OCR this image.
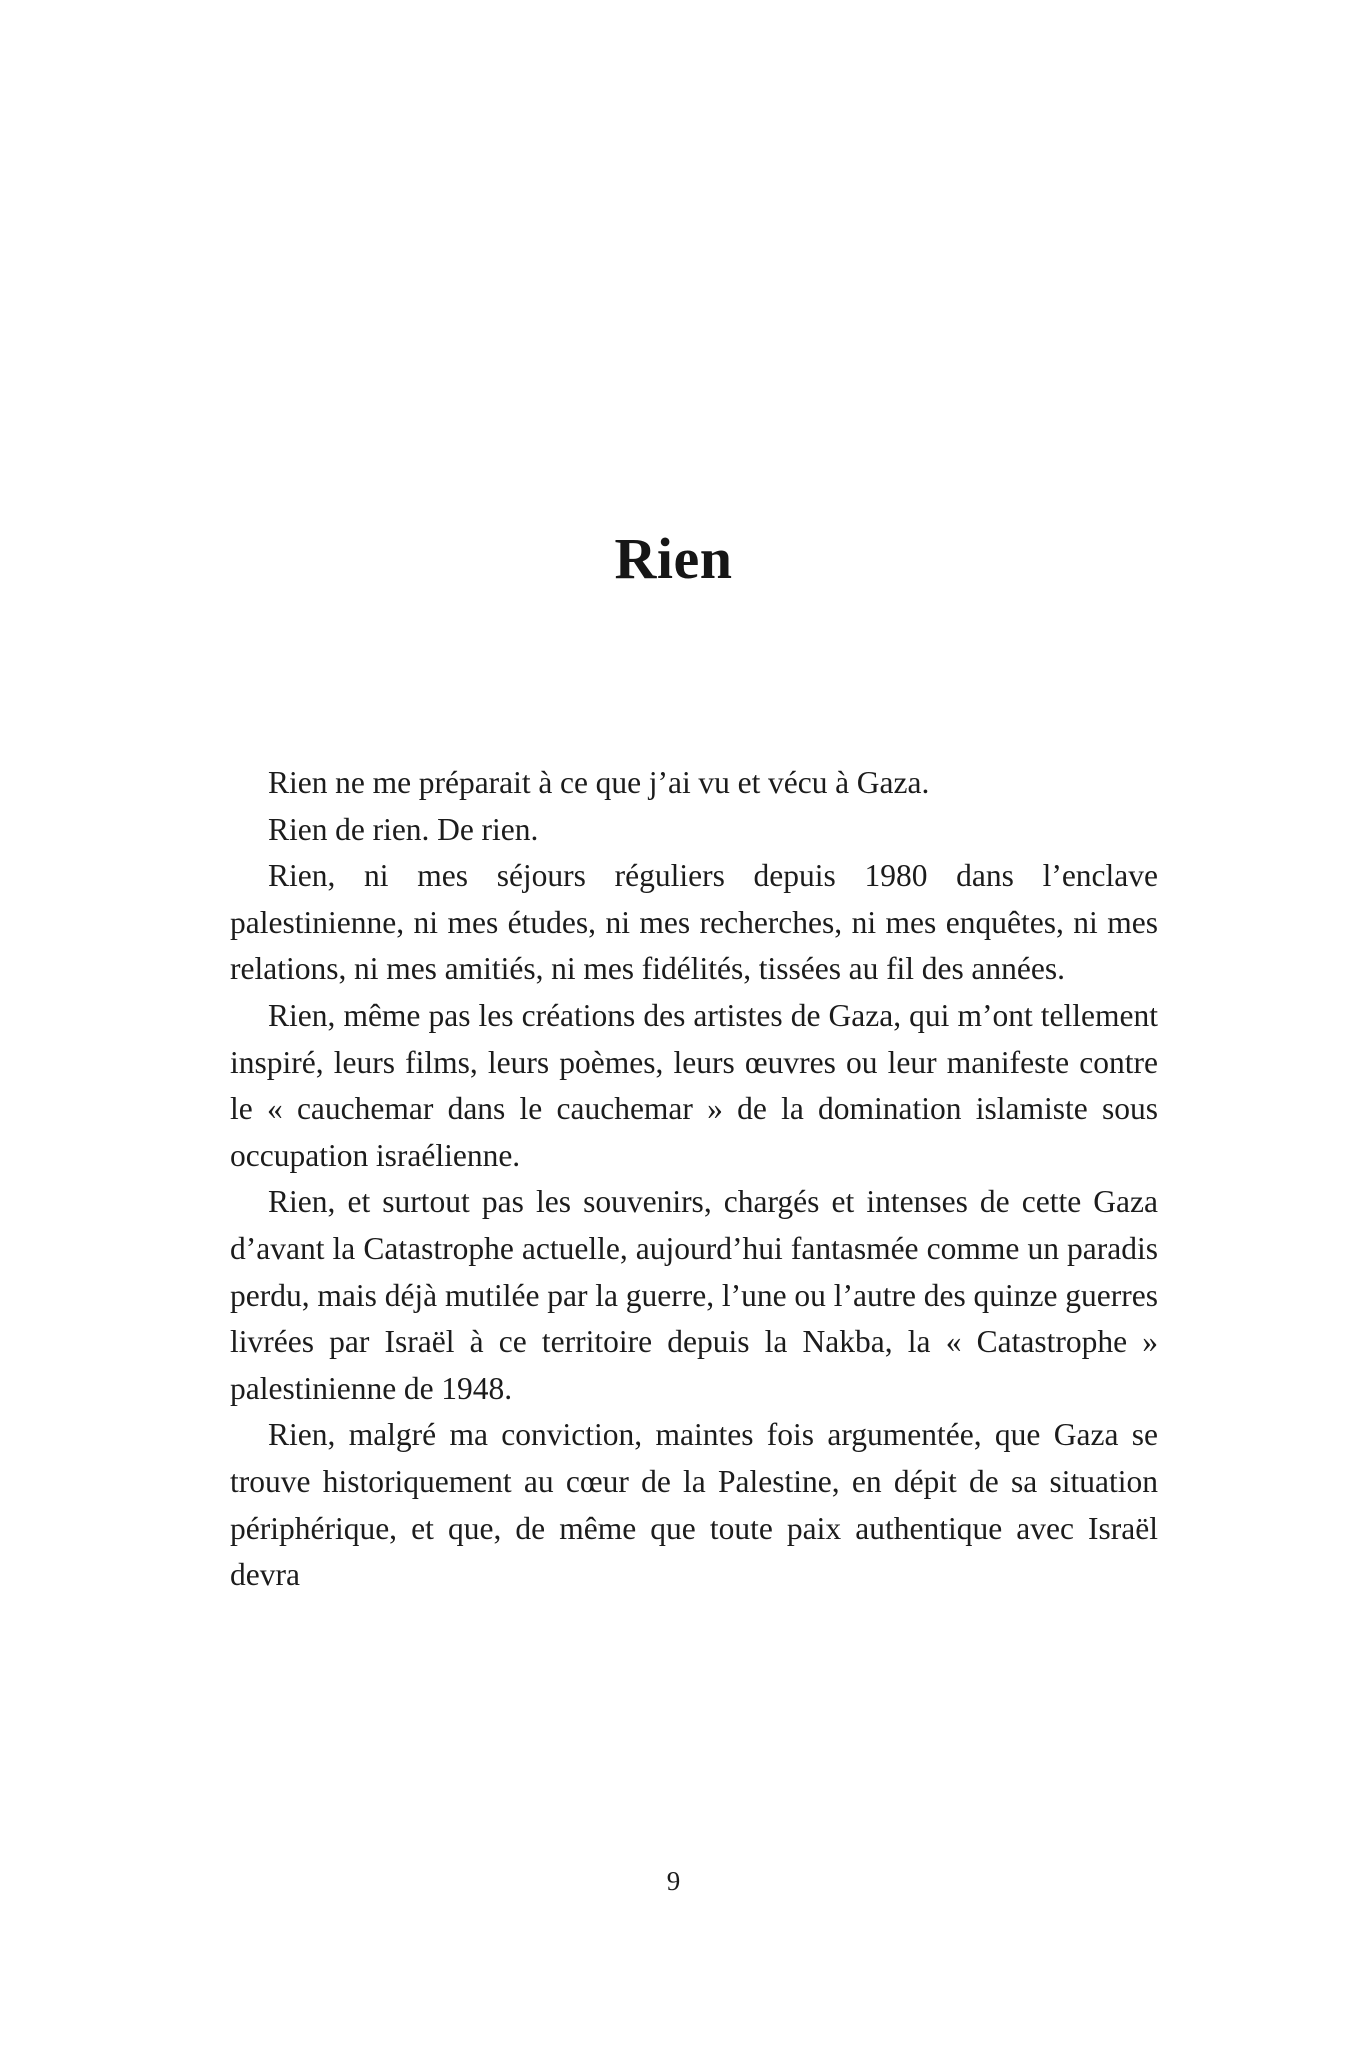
Rien

Rien ne me préparait à ce que j’ai vu et vécu à Gaza.

Rien de rien. De rien.

Rien, ni mes séjours réguliers depuis 1980 dans l’enclave palestinienne, ni mes études, ni mes recherches, ni mes enquêtes, ni mes relations, ni mes amitiés, ni mes fidélités, tissées au fil des années.

Rien, même pas les créations des artistes de Gaza, qui m’ont tellement inspiré, leurs films, leurs poèmes, leurs œuvres ou leur manifeste contre le « cauchemar dans le cauchemar » de la domination islamiste sous occupation israélienne.

Rien, et surtout pas les souvenirs, chargés et intenses de cette Gaza d’avant la Catastrophe actuelle, aujourd’hui fantasmée comme un paradis perdu, mais déjà mutilée par la guerre, l’une ou l’autre des quinze guerres livrées par Israël à ce territoire depuis la Nakba, la « Catastrophe » palestinienne de 1948.

Rien, malgré ma conviction, maintes fois argumentée, que Gaza se trouve historiquement au cœur de la Palestine, en dépit de sa situation périphérique, et que, de même que toute paix authentique avec Israël devra

9
